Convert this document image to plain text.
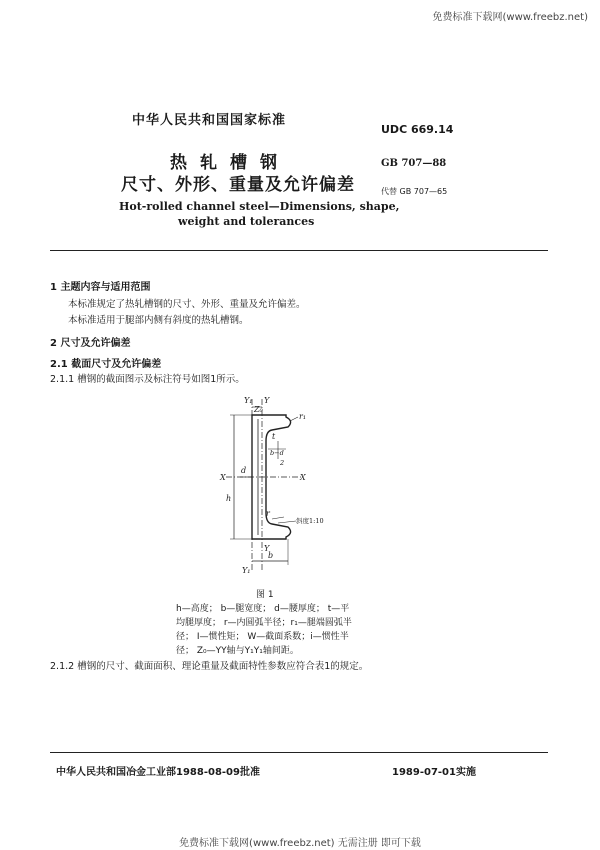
免费标准下载网(www.freebz.net)
中华人民共和国国家标准
UDC 669.14
热轧槽钢	GB 707—88
尺寸、外形、重量及允许偏差	代替 GB 707—65
Hot-rolled channel steel—Dimensions, shape,
weight and tolerances
1 主题内容与适用范围
本标准规定了热轧槽钢的尺寸、外形、重量及允许偏差。
本标准适用于腿部内侧有斜度的热轧槽钢。
2 尺寸及允许偏差
2.1 截面尺寸及允许偏差
2.1.1 槽钢的截面图示及标注符号如图1所示。
Y₁
Z₀
Y
r₁
b−d
2
t
d
h
X	X
r
斜度1:10
Y
Y₁
b
图 1
h—高度； b—腿宽度； d—腰厚度； t—平
均腿厚度； r—内圆弧半径；r₁—腿端圆弧半
径； I—惯性矩； W—截面系数；i—惯性半
径； Z₀—YY轴与Y₁Y₁轴间距。
2.1.2 槽钢的尺寸、截面面积、理论重量及截面特性参数应符合表1的规定。
中华人民共和国冶金工业部1988-08-09批准	1989-07-01实施
免费标准下载网(www.freebz.net) 无需注册 即可下载
